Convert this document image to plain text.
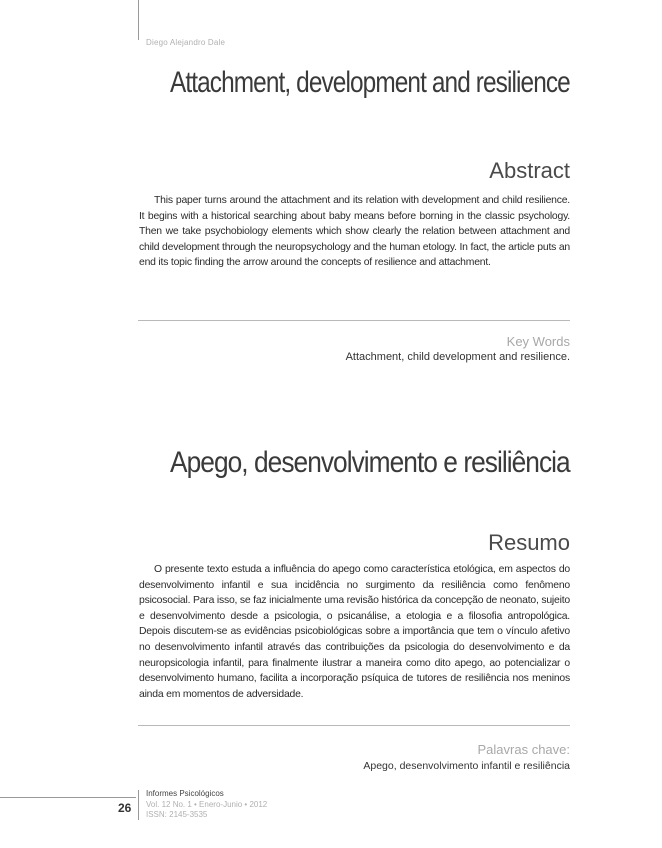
Diego Alejandro Dale
Attachment, development and resilience
Abstract

This paper turns around the attachment and its relation with development and child resilience. It begins with a historical searching about baby means before borning in the classic psychology. Then we take psychobiology elements which show clearly the relation between attachment and child development through the neuropsychology and the human etology. In fact, the article puts an end its topic finding the arrow around the concepts of resilience and attachment.

Key Words
Attachment, child development and resilience.
Apego, desenvolvimento e resiliência
Resumo

O presente texto estuda a influência do apego como característica etológica, em aspectos do desenvolvimento infantil e sua incidência no surgimento da resiliência como fenômeno psicosocial. Para isso, se faz inicialmente uma revisão histórica da concepção de neonato, sujeito e desenvolvimento desde a psicologia, o psicanálise, a etologia e a filosofia antropológica. Depois discutem-se as evidências psicobiológicas sobre a importância que tem o vínculo afetivo no desenvolvimento infantil através das contribuições da psicologia do desenvolvimento e da neuropsicologia infantil, para finalmente ilustrar a maneira como dito apego, ao potencializar o desenvolvimento humano, facilita a incorporação psíquica de tutores de resiliência nos meninos ainda em momentos de adversidade.

Palavras chave:
Apego, desenvolvimento infantil e resiliência
26
Informes Psicológicos
Vol. 12 No. 1 • Enero-Junio • 2012
ISSN: 2145-3535
